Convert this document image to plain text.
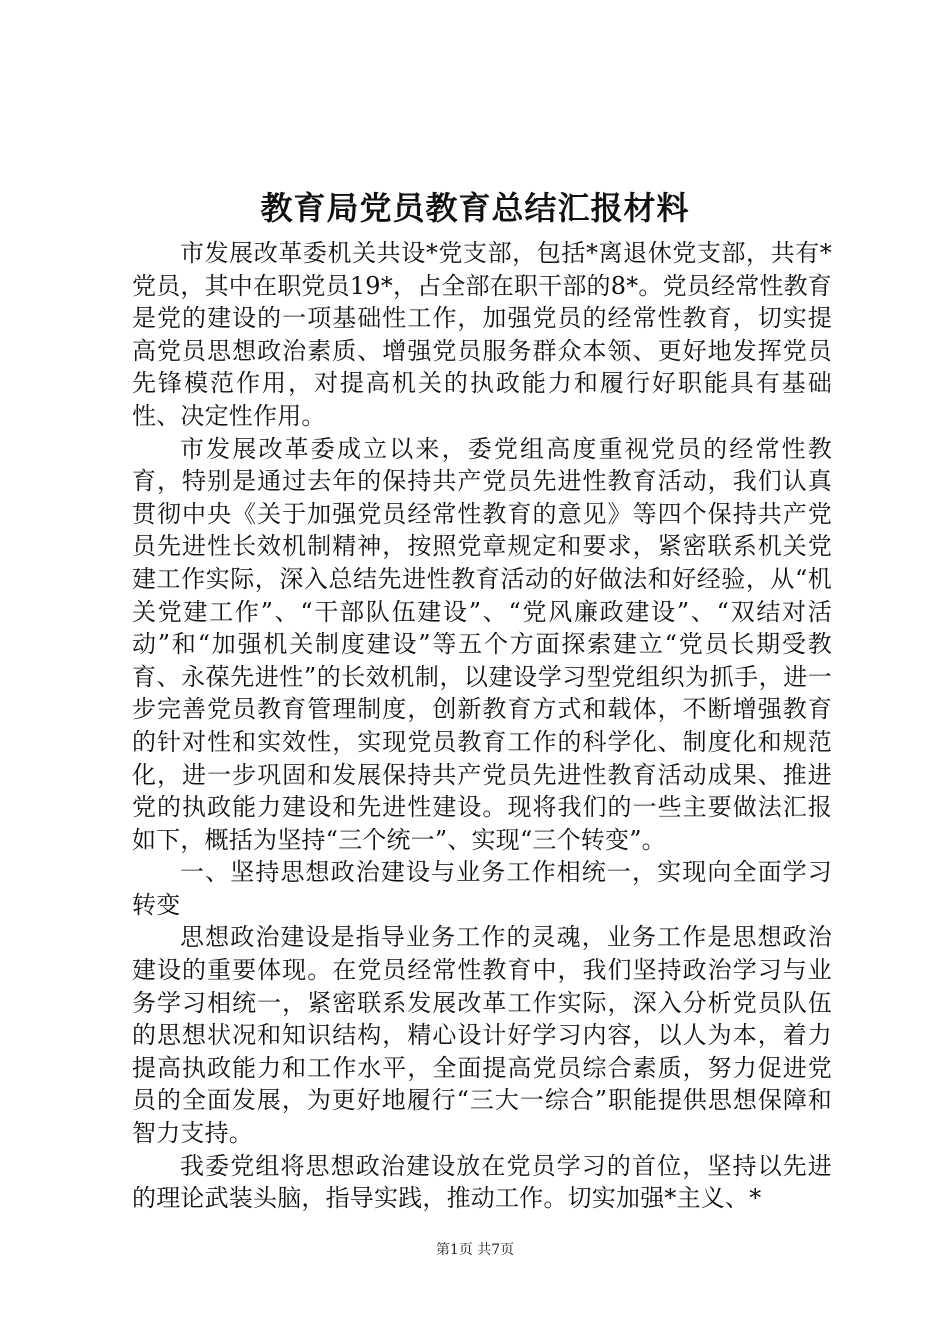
教育局党员教育总结汇报材料

市发展改革委机关共设*党支部，包括*离退休党支部，共有*党员，其中在职党员19*，占全部在职干部的8*。党员经常性教育是党的建设的一项基础性工作，加强党员的经常性教育，切实提高党员思想政治素质、增强党员服务群众本领、更好地发挥党员先锋模范作用，对提高机关的执政能力和履行好职能具有基础性、决定性作用。

市发展改革委成立以来，委党组高度重视党员的经常性教育，特别是通过去年的保持共产党员先进性教育活动，我们认真贯彻中央《关于加强党员经常性教育的意见》等四个保持共产党员先进性长效机制精神，按照党章规定和要求，紧密联系机关党建工作实际，深入总结先进性教育活动的好做法和好经验，从“机关党建工作”、“干部队伍建设”、“党风廉政建设”、“双结对活动”和“加强机关制度建设”等五个方面探索建立“党员长期受教育、永葆先进性”的长效机制，以建设学习型党组织为抓手，进一步完善党员教育管理制度，创新教育方式和载体，不断增强教育的针对性和实效性，实现党员教育工作的科学化、制度化和规范化，进一步巩固和发展保持共产党员先进性教育活动成果、推进党的执政能力建设和先进性建设。现将我们的一些主要做法汇报如下，概括为坚持“三个统一”、实现“三个转变”。

一、坚持思想政治建设与业务工作相统一，实现向全面学习转变

思想政治建设是指导业务工作的灵魂，业务工作是思想政治建设的重要体现。在党员经常性教育中，我们坚持政治学习与业务学习相统一，紧密联系发展改革工作实际，深入分析党员队伍的思想状况和知识结构，精心设计好学习内容，以人为本，着力提高执政能力和工作水平，全面提高党员综合素质，努力促进党员的全面发展，为更好地履行“三大一综合”职能提供思想保障和智力支持。

我委党组将思想政治建设放在党员学习的首位，坚持以先进的理论武装头脑，指导实践，推动工作。切实加强*主义、*

第1页 共7页
